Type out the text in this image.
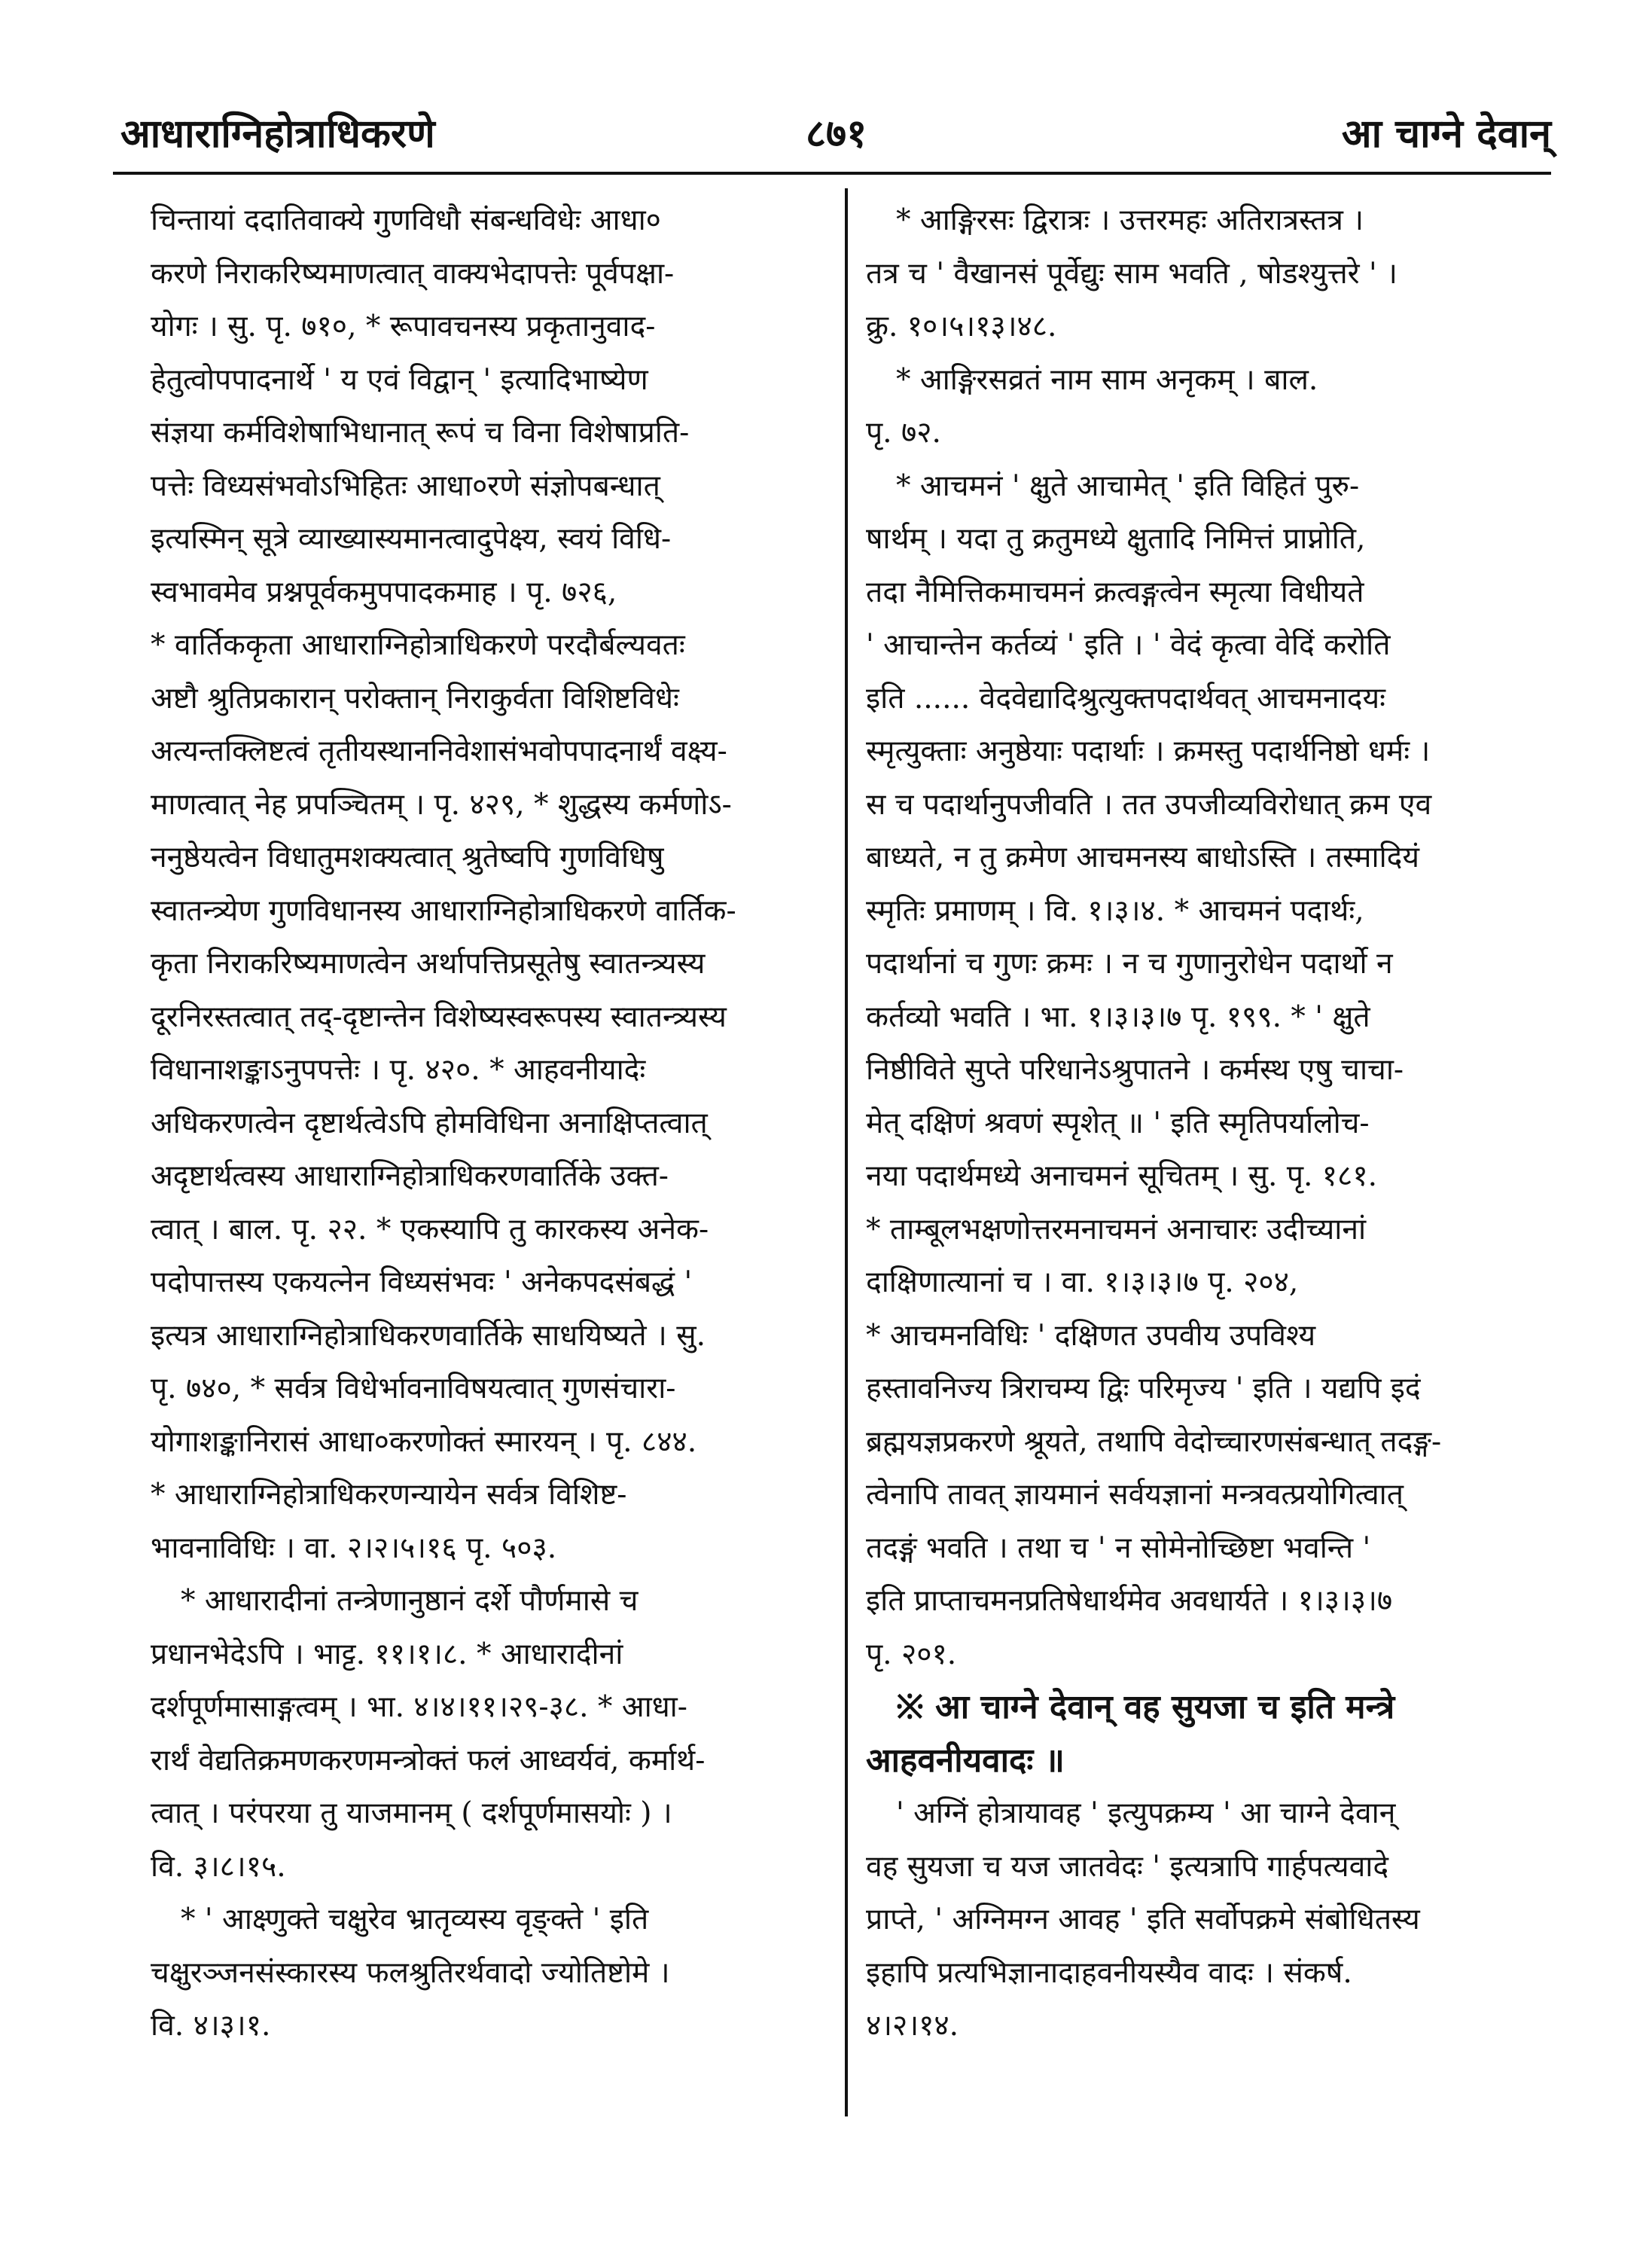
आधाराग्निहोत्राधिकरणे	८७१	आ चाग्ने देवान्
चिन्तायां ददातिवाक्ये गुणविधौ संबन्धविधेः आधा०
करणे निराकरिष्यमाणत्वात् वाक्यभेदापत्तेः पूर्वपक्षा-
योगः । सु. पृ. ७१०, * रूपावचनस्य प्रकृतानुवाद-
हेतुत्वोपपादनार्थे ' य एवं विद्वान् ' इत्यादिभाष्येण
संज्ञया कर्मविशेषाभिधानात् रूपं च विना विशेषाप्रति-
पत्तेः विध्यसंभवोऽभिहितः आधा०रणे संज्ञोपबन्धात्
इत्यस्मिन् सूत्रे व्याख्यास्यमानत्वादुपेक्ष्य, स्वयं विधि-
स्वभावमेव प्रश्नपूर्वकमुपपादकमाह । पृ. ७२६,
* वार्तिककृता आधाराग्निहोत्राधिकरणे परदौर्बल्यवतः
अष्टौ श्रुतिप्रकारान् परोक्तान् निराकुर्वता विशिष्टविधेः
अत्यन्तक्लिष्टत्वं तृतीयस्थाननिवेशासंभवोपपादनार्थं वक्ष्य-
माणत्वात् नेह प्रपञ्चितम् । पृ. ४२९, * शुद्धस्य कर्मणोऽ-
ननुष्ठेयत्वेन विधातुमशक्यत्वात् श्रुतेष्वपि गुणविधिषु
स्वातन्त्र्येण गुणविधानस्य आधाराग्निहोत्राधिकरणे वार्तिक-
कृता निराकरिष्यमाणत्वेन अर्थापत्तिप्रसूतेषु स्वातन्त्र्यस्य
दूरनिरस्तत्वात् तद्-दृष्टान्तेन विशेष्यस्वरूपस्य स्वातन्त्र्यस्य
विधानाशङ्काऽनुपपत्तेः । पृ. ४२०. * आहवनीयादेः
अधिकरणत्वेन दृष्टार्थत्वेऽपि होमविधिना अनाक्षिप्तत्वात्
अदृष्टार्थत्वस्य आधाराग्निहोत्राधिकरणवार्तिके उक्त-
त्वात् । बाल. पृ. २२. * एकस्यापि तु कारकस्य अनेक-
पदोपात्तस्य एकयत्नेन विध्यसंभवः ' अनेकपदसंबद्धं '
इत्यत्र आधाराग्निहोत्राधिकरणवार्तिके साधयिष्यते । सु.
पृ. ७४०, * सर्वत्र विधेर्भावनाविषयत्वात् गुणसंचारा-
योगाशङ्कानिरासं आधा०करणोक्तं स्मारयन् । पृ. ८४४.
* आधाराग्निहोत्राधिकरणन्यायेन सर्वत्र विशिष्ट-
भावनाविधिः । वा. २।२।५।१६ पृ. ५०३.
* आधारादीनां तन्त्रेणानुष्ठानं दर्शे पौर्णमासे च
प्रधानभेदेऽपि । भाट्ट. ११।१।८. * आधारादीनां
दर्शपूर्णमासाङ्गत्वम् । भा. ४।४।११।२९-३८. * आधा-
रार्थं वेद्यतिक्रमणकरणमन्त्रोक्तं फलं आध्वर्यवं, कर्मार्थ-
त्वात् । परंपरया तु याजमानम् ( दर्शपूर्णमासयोः ) ।
वि. ३।८।१५.
* ' आक्ष्णुक्ते चक्षुरेव भ्रातृव्यस्य वृङ्क्ते ' इति
चक्षुरञ्जनसंस्कारस्य फलश्रुतिरर्थवादो ज्योतिष्टोमे ।
वि. ४।३।१.
* आङ्गिरसः द्विरात्रः । उत्तरमहः अतिरात्रस्तत्र ।
तत्र च ' वैखानसं पूर्वेद्युः साम भवति , षोडश्युत्तरे ' ।
क्रु. १०।५।१३।४८.
* आङ्गिरसव्रतं नाम साम अनृकम् । बाल.
पृ. ७२.
* आचमनं ' क्षुते आचामेत् ' इति विहितं पुरु-
षार्थम् । यदा तु क्रतुमध्ये क्षुतादि निमित्तं प्राप्नोति,
तदा नैमित्तिकमाचमनं क्रत्वङ्गत्वेन स्मृत्या विधीयते
' आचान्तेन कर्तव्यं ' इति । ' वेदं कृत्वा वेदिं करोति
इति ...... वेदवेद्यादिश्रुत्युक्तपदार्थवत् आचमनादयः
स्मृत्युक्ताः अनुष्ठेयाः पदार्थाः । क्रमस्तु पदार्थनिष्ठो धर्मः ।
स च पदार्थानुपजीवति । तत उपजीव्यविरोधात् क्रम एव
बाध्यते, न तु क्रमेण आचमनस्य बाधोऽस्ति । तस्मादियं
स्मृतिः प्रमाणम् । वि. १।३।४. * आचमनं पदार्थः,
पदार्थानां च गुणः क्रमः । न च गुणानुरोधेन पदार्थो न
कर्तव्यो भवति । भा. १।३।३।७ पृ. १९९. * ' क्षुते
निष्ठीविते सुप्ते परिधानेऽश्रुपातने । कर्मस्थ एषु चाचा-
मेत् दक्षिणं श्रवणं स्पृशेत् ॥ ' इति स्मृतिपर्यालोच-
नया पदार्थमध्ये अनाचमनं सूचितम् । सु. पृ. १८१.
* ताम्बूलभक्षणोत्तरमनाचमनं अनाचारः उदीच्यानां
दाक्षिणात्यानां च । वा. १।३।३।७ पृ. २०४,
* आचमनविधिः ' दक्षिणत उपवीय उपविश्य
हस्तावनिज्य त्रिराचम्य द्विः परिमृज्य ' इति । यद्यपि इदं
ब्रह्मयज्ञप्रकरणे श्रूयते, तथापि वेदोच्चारणसंबन्धात् तदङ्ग-
त्वेनापि तावत् ज्ञायमानं सर्वयज्ञानां मन्त्रवत्प्रयोगित्वात्
तदङ्गं भवति । तथा च ' न सोमेनोच्छिष्टा भवन्ति '
इति प्राप्ताचमनप्रतिषेधार्थमेव अवधार्यते । १।३।३।७
पृ. २०१.
※ आ चाग्ने देवान् वह सुयजा च इति मन्त्रे
आहवनीयवादः ॥
' अग्निं होत्रायावह ' इत्युपक्रम्य ' आ चाग्ने देवान्
वह सुयजा च यज जातवेदः ' इत्यत्रापि गार्हपत्यवादे
प्राप्ते, ' अग्निमग्न आवह ' इति सर्वोपक्रमे संबोधितस्य
इहापि प्रत्यभिज्ञानादाहवनीयस्यैव वादः । संकर्ष.
४।२।१४.
